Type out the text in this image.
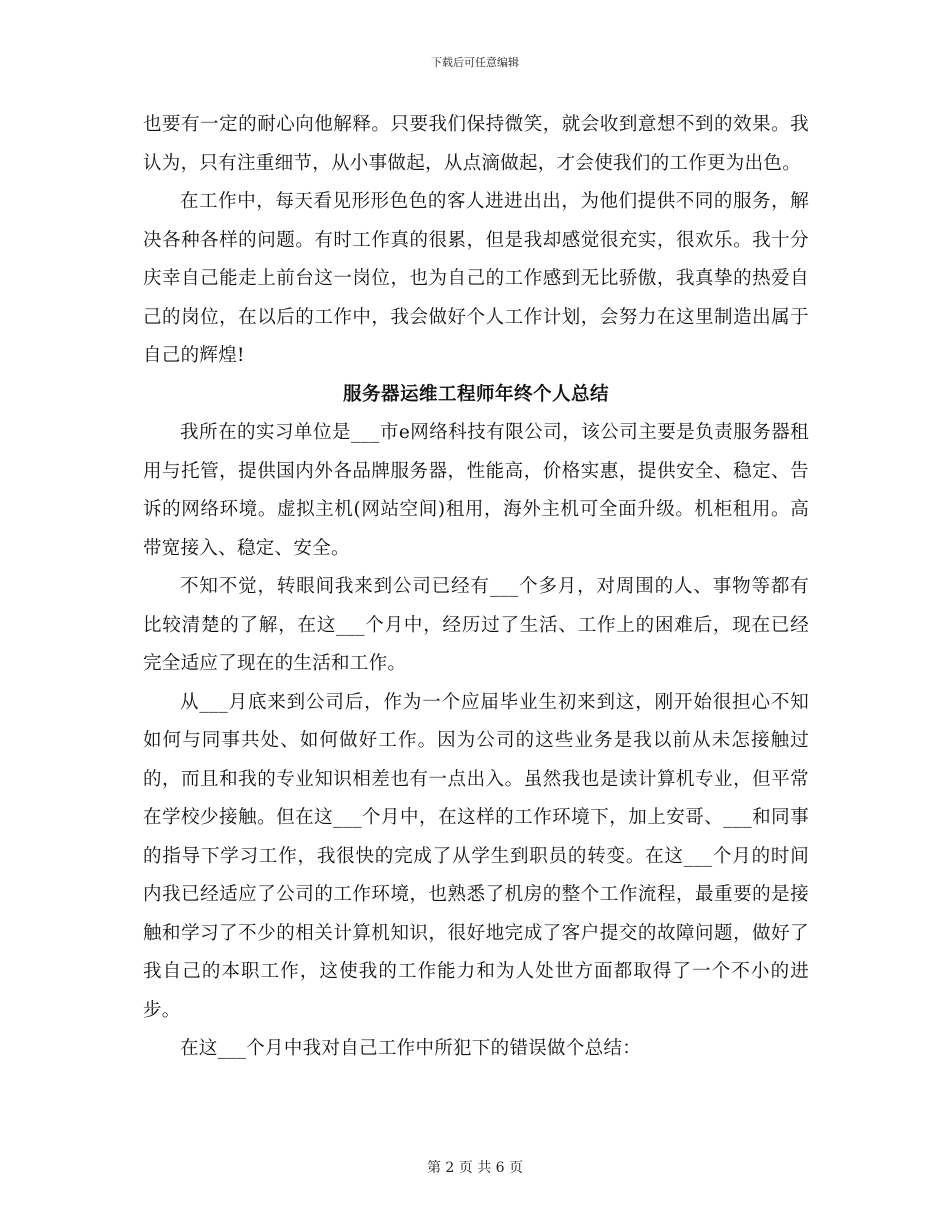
下载后可任意编辑

也要有一定的耐心向他解释。只要我们保持微笑，就会收到意想不到的效果。我认为，只有注重细节，从小事做起，从点滴做起，才会使我们的工作更为出色。

在工作中，每天看见形形色色的客人进进出出，为他们提供不同的服务，解决各种各样的问题。有时工作真的很累，但是我却感觉很充实，很欢乐。我十分庆幸自己能走上前台这一岗位，也为自己的工作感到无比骄傲，我真挚的热爱自己的岗位，在以后的工作中，我会做好个人工作计划，会努力在这里制造出属于自己的辉煌!

服务器运维工程师年终个人总结

我所在的实习单位是___市e网络科技有限公司，该公司主要是负责服务器租用与托管，提供国内外各品牌服务器，性能高，价格实惠，提供安全、稳定、告诉的网络环境。虚拟主机(网站空间)租用，海外主机可全面升级。机柜租用。高带宽接入、稳定、安全。

不知不觉，转眼间我来到公司已经有___个多月，对周围的人、事物等都有比较清楚的了解，在这___个月中，经历过了生活、工作上的困难后，现在已经完全适应了现在的生活和工作。

从___月底来到公司后，作为一个应届毕业生初来到这，刚开始很担心不知如何与同事共处、如何做好工作。因为公司的这些业务是我以前从未怎接触过的，而且和我的专业知识相差也有一点出入。虽然我也是读计算机专业，但平常在学校少接触。但在这___个月中，在这样的工作环境下，加上安哥、___和同事的指导下学习工作，我很快的完成了从学生到职员的转变。在这___个月的时间内我已经适应了公司的工作环境，也熟悉了机房的整个工作流程，最重要的是接触和学习了不少的相关计算机知识，很好地完成了客户提交的故障问题，做好了我自己的本职工作，这使我的工作能力和为人处世方面都取得了一个不小的进步。

在这___个月中我对自己工作中所犯下的错误做个总结：

第 2 页 共 6 页
